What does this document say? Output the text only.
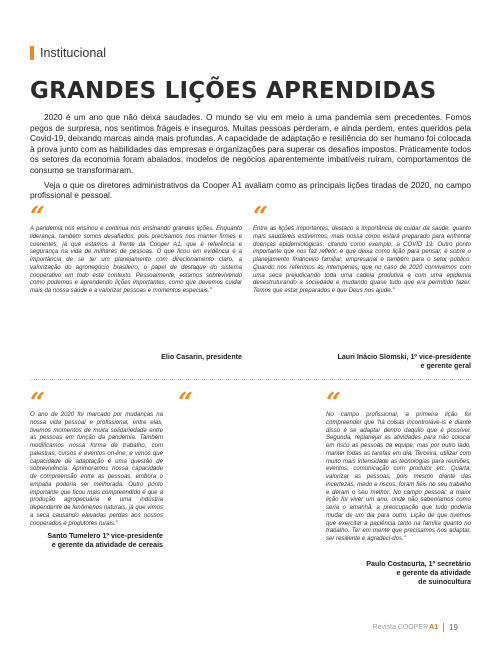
Institucional
GRANDES LIÇÕES APRENDIDAS

2020 é um ano que não deixa saudades. O mundo se viu em meio a uma pandemia sem precedentes. Fomos pegos de surpresa, nos sentimos frágeis e inseguros. Muitas pessoas perderam, e ainda perdem, entes queridos pela Covid-19, deixando marcas ainda mais profundas. A capacidade de adaptação e resiliência do ser humano foi colocada à prova junto com as habilidades das empresas e organizações para superar os desafios impostos. Praticamente todos os setores da economia foram abalados, modelos de negócios aparentemente imbatíveis ruíram, comportamentos de consumo se transformaram.

Veja o que os diretores administrativos da Cooper A1 avaliam como as principais lições tiradas de 2020, no campo profissional e pessoal.

“
A pandemia nos ensinou e continua nos ensinando grandes lições. Enquanto liderança, também somos desafiados, pois precisamos nos manter firmes e coerentes, já que estamos à frente da Cooper A1, que é referência e segurança na vida de milhares de pessoas. O que ficou em evidência é a importância de se ter um planejamento com direcionamento claro, a valorização do agronegócio brasileiro, o papel de destaque do sistema cooperativo em todo este contexto. Pessoalmente, estamos sobrevivendo como podemos e aprendendo lições importantes, como que devemos cuidar mais da nossa saúde e a valorizar pessoas e momentos especiais."
Elio Casarin, presidente
“
Entre as lições importantes, destaco a importância de cuidar da saúde, quanto mais saudáveis estivermos, mais nossa corpo estará preparado para enfrentar doenças epidemiológicas, citando como exemplo, a COVID 19. Outro ponto importante que nos faz refletir, e que deixa como lição para pensar, é sobre o planejamento financeiro familiar, empresarial e também para o setor público. Quando nos referimos às intempéries, que no caso de 2020 convivemos com uma seca prejudicando toda uma cadeia produtiva e com uma epidemia desestruturando a sociedade e mudando quase tudo que era permitido fazer. Temos que estar preparados e que Deus nos ajude."
Lauri Inácio Slomski, 1º vice-presidente
e gerente geral
“
O ano de 2020 foi marcado por mudanças na nossa vida pessoal e profissional, entre elas, tivemos momentos de muita solidariedade entre as pessoas em função da pandemia. Também modificamos nossa forma de trabalho, com palestras, cursos e eventos on-line, e vimos que capacidade de adaptação é uma questão de sobrevivência. Aprimoramos nossa capacidade de compreensão entre as pessoas, embora o empatia poderia ser melhorada. Outro ponto importante que ficou mais compreendido é que a produção agropecuária é uma indústria dependente de fenômenos naturais, já que vimos a seca causando elevadas perdas aos nossos cooperados e produtores rurais."
Santo Tumelero 1º vice-presidente
e gerente da atividade de cereais
“	“
No campo profissional, a primeira lição foi compreender que 'há coisas incontroláve-is e diante disso é se adaptar dentro daquilo que é possível. Segunda, replanejar as atividades para não colocar em risco as pessoas da equipe, mas por outro lado, manter todas as tarefas em dia. Terceira, utilizar com muito mais intensidade as tecnologias para reuniões, eventos, comunicação com produtor etc. Quarta, valorizar as pessoas, pois mesmo diante das incertezas, medo e riscos, foram fiéis no seu trabalho e deram o seu melhor. No campo pessoal: a maior lição foi viver um ano, onde não sabeníamos como seria o amanhã, a preocupação que tudo poderia mudar de um dia para outro. Lição de que tivemos que exercitar a paciência tanto na família quanto no trabalho. Ter em mente que precisamos nos adaptar, ser resiliente e agradeci-dos."
Paulo Costacurta, 1º secretário
e gerente da atividade
de suinocultura
Revista COOPER A1 19
